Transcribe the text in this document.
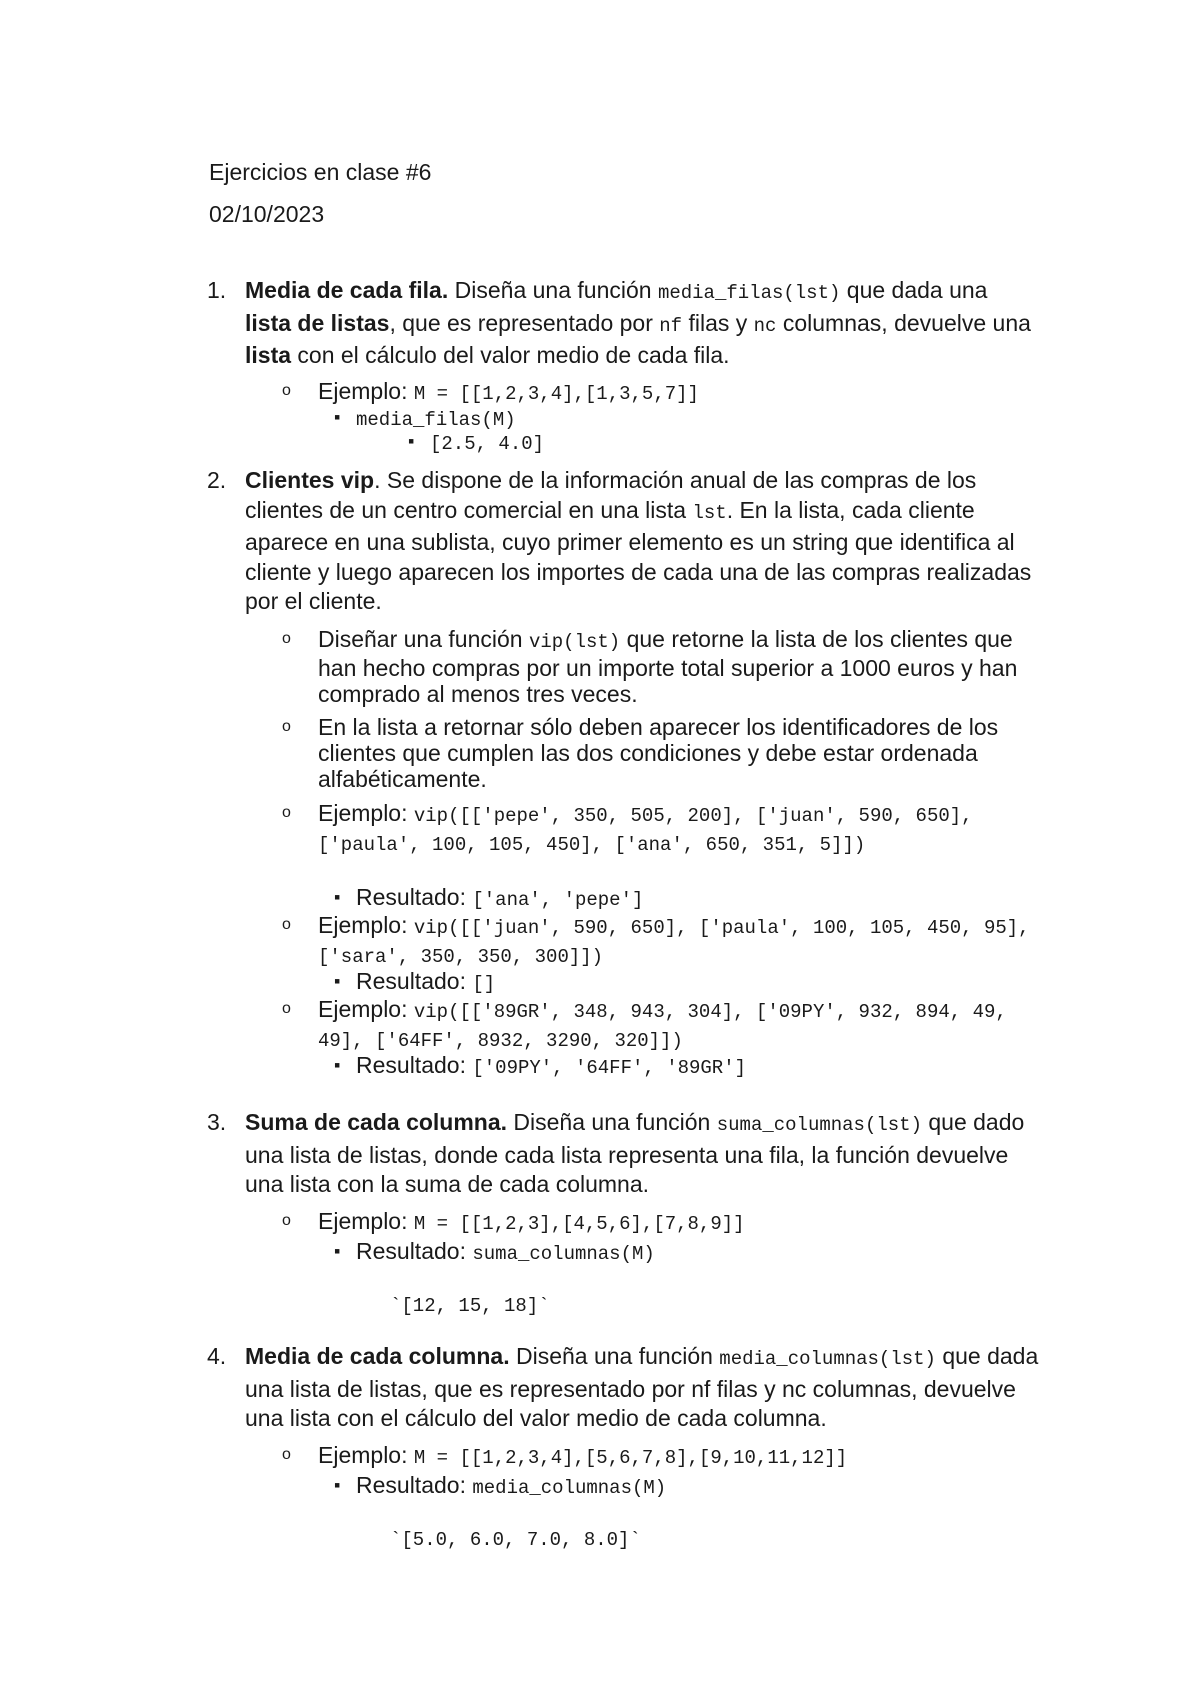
Ejercicios en clase #6
02/10/2023
1. Media de cada fila. Diseña una función media_filas(lst) que dada una lista de listas, que es representado por nf filas y nc columnas, devuelve una lista con el cálculo del valor medio de cada fila.
o Ejemplo: M = [[1,2,3,4],[1,3,5,7]]
▪ media_filas(M)
▪ [2.5, 4.0]
2. Clientes vip. Se dispone de la información anual de las compras de los clientes de un centro comercial en una lista lst. En la lista, cada cliente aparece en una sublista, cuyo primer elemento es un string que identifica al cliente y luego aparecen los importes de cada una de las compras realizadas por el cliente.
o Diseñar una función vip(lst) que retorne la lista de los clientes que han hecho compras por un importe total superior a 1000 euros y han comprado al menos tres veces.
o En la lista a retornar sólo deben aparecer los identificadores de los clientes que cumplen las dos condiciones y debe estar ordenada alfabéticamente.
o Ejemplo: vip([['pepe', 350, 505, 200], ['juan', 590, 650], ['paula', 100, 105, 450], ['ana', 650, 351, 5]])
▪ Resultado: ['ana', 'pepe']
o Ejemplo: vip([['juan', 590, 650], ['paula', 100, 105, 450, 95], ['sara', 350, 350, 300]])
▪ Resultado: []
o Ejemplo: vip([['89GR', 348, 943, 304], ['09PY', 932, 894, 49, 49], ['64FF', 8932, 3290, 320]])
▪ Resultado: ['09PY', '64FF', '89GR']
3. Suma de cada columna. Diseña una función suma_columnas(lst) que dado una lista de listas, donde cada lista representa una fila, la función devuelve una lista con la suma de cada columna.
o Ejemplo: M = [[1,2,3],[4,5,6],[7,8,9]]
▪ Resultado: suma_columnas(M)
`[12, 15, 18]`
4. Media de cada columna. Diseña una función media_columnas(lst) que dada una lista de listas, que es representado por nf filas y nc columnas, devuelve una lista con el cálculo del valor medio de cada columna.
o Ejemplo: M = [[1,2,3,4],[5,6,7,8],[9,10,11,12]]
▪ Resultado: media_columnas(M)
`[5.0, 6.0, 7.0, 8.0]`
